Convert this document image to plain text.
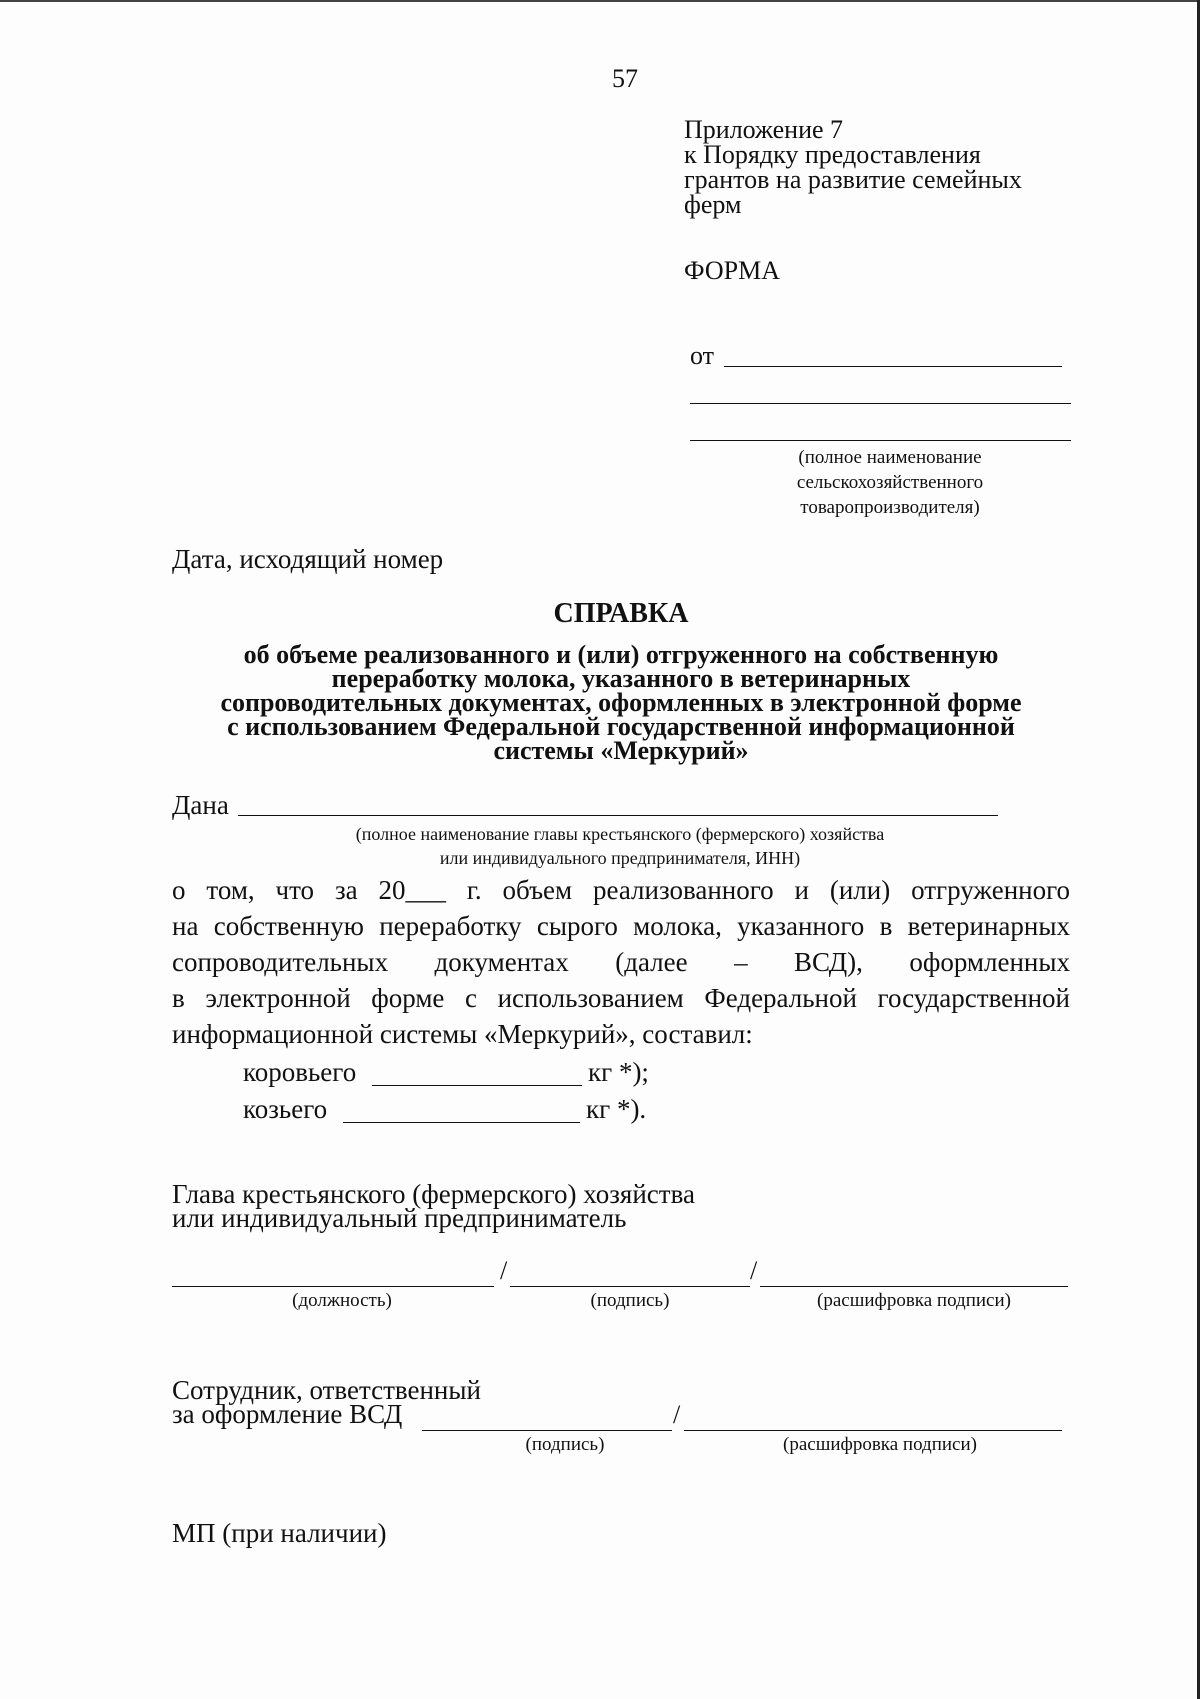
57
Приложение 7
к Порядку предоставления
грантов на развитие семейных
ферм
ФОРМА
от
(полное наименование
сельскохозяйственного
товаропроизводителя)
Дата, исходящий номер
СПРАВКА
об объеме реализованного и (или) отгруженного на собственную
переработку молока, указанного в ветеринарных
сопроводительных документах, оформленных в электронной форме
с использованием Федеральной государственной информационной
системы «Меркурий»
Дана
(полное наименование главы крестьянского (фермерского) хозяйства
или индивидуального предпринимателя, ИНН)
о том, что за 20___ г. объем реализованного и (или) отгруженного
на собственную переработку сырого молока, указанного в ветеринарных
сопроводительных документах (далее – ВСД), оформленных
в электронной форме с использованием Федеральной государственной
информационной системы «Меркурий», составил:
коровьего	кг *);
козьего	кг *).
Глава крестьянского (фермерского) хозяйства
или индивидуальный предприниматель
/	/
(должность)	(подпись)	(расшифровка подписи)
Сотрудник, ответственный
за оформление ВСД	/
(подпись)	(расшифровка подписи)
МП (при наличии)
